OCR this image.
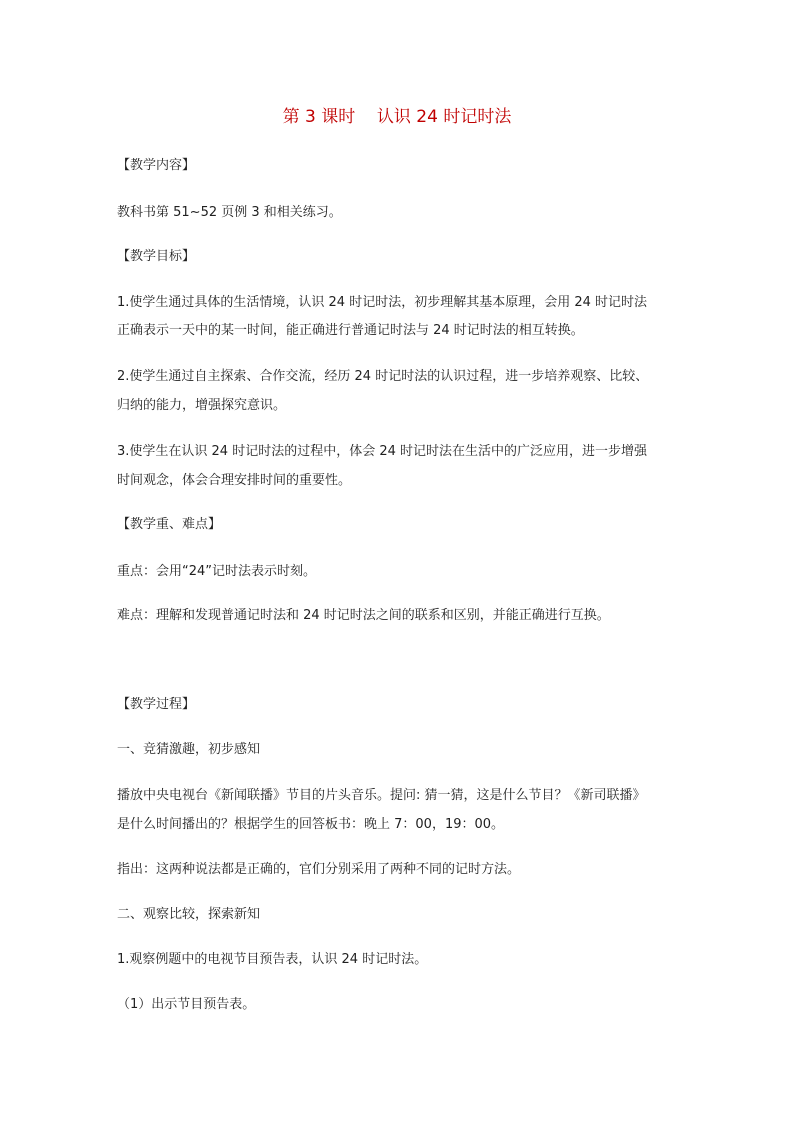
第 3 课时    认识 24 时记时法
【教学内容】
教科书第 51~52 页例 3 和相关练习。
【教学目标】
1.使学生通过具体的生活情境，认识 24 时记时法，初步理解其基本原理，会用 24 时记时法
正确表示一天中的某一时间，能正确进行普通记时法与 24 时记时法的相互转换。
2.使学生通过自主探索、合作交流，经历 24 时记时法的认识过程，进一步培养观察、比较、
归纳的能力，增强探究意识。
3.使学生在认识 24 时记时法的过程中，体会 24 时记时法在生活中的广泛应用，进一步增强
时间观念，体会合理安排时间的重要性。
【教学重、难点】
重点：会用“24”记时法表示时刻。
难点：理解和发现普通记时法和 24 时记时法之间的联系和区别，并能正确进行互换。
【教学过程】
一、竞猜激趣，初步感知
播放中央电视台《新闻联播》节目的片头音乐。提问: 猜一猜，这是什么节目？《新司联播》
是什么时间播出的？根据学生的回答板书：晚上 7：00，19：00。
指出：这两种说法都是正确的，官们分别采用了两种不同的记时方法。
二、观察比较，探索新知
1.观察例题中的电视节目预告表，认识 24 时记时法。
（1）出示节目预告表。
